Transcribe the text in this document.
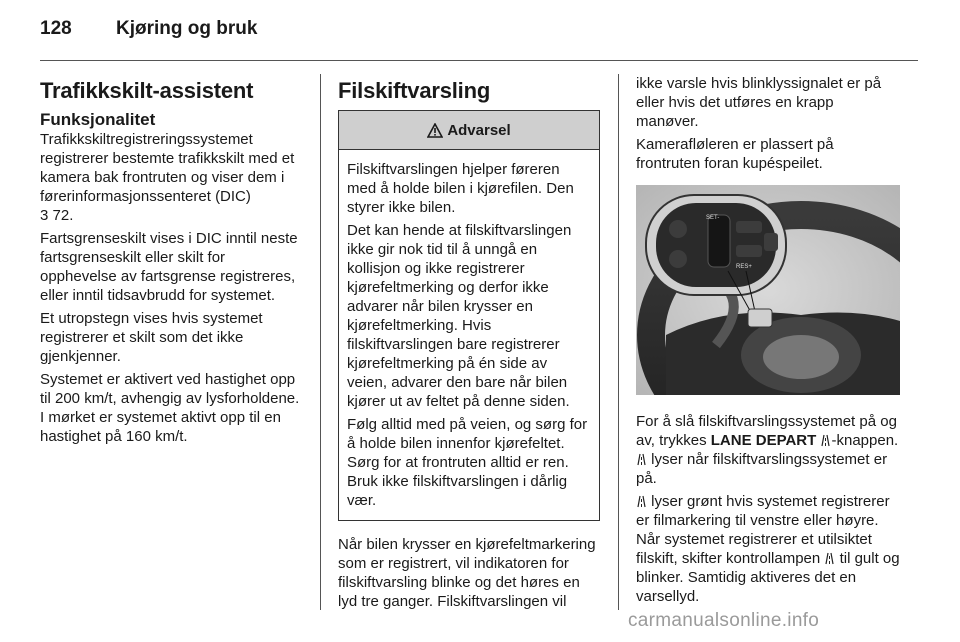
128 Kjøring og bruk
Trafikkskilt-assistent
Funksjonalitet

Trafikkskiltregistreringssystemet registrerer bestemte trafikkskilt med et kamera bak frontruten og viser dem i førerinformasjonssenteret (DIC)
3 72.

Fartsgrenseskilt vises i DIC inntil neste fartsgrenseskilt eller skilt for opphevelse av fartsgrense registreres, eller inntil tidsavbrudd for systemet.

Et utropstegn vises hvis systemet registrerer et skilt som det ikke gjenkjenner.

Systemet er aktivert ved hastighet opp til 200 km/t, avhengig av lysforholdene. I mørket er systemet aktivt opp til en hastighet på 160 km/t.

Filskiftvarsling
Advarsel

Filskiftvarslingen hjelper føreren med å holde bilen i kjørefilen. Den styrer ikke bilen.

Det kan hende at filskiftvarslingen ikke gir nok tid til å unngå en kollisjon og ikke registrerer kjørefeltmerking og derfor ikke advarer når bilen krysser en kjørefeltmerking. Hvis filskiftvarslingen bare registrerer kjørefeltmerking på én side av veien, advarer den bare når bilen kjører ut av feltet på denne siden.

Følg alltid med på veien, og sørg for å holde bilen innenfor kjørefeltet. Sørg for at frontruten alltid er ren. Bruk ikke filskiftvarslingen i dårlig vær.

Når bilen krysser en kjørefeltmarkering som er registrert, vil indikatoren for filskiftvarsling blinke og det høres en lyd tre ganger. Filskiftvarslingen vil

ikke varsle hvis blinklyssignalet er på eller hvis det utføres en krapp manøver.

Kamerafløleren er plassert på frontruten foran kupéspeilet.

SET-
RES+

For å slå filskiftvarslingssystemet på og av, trykkes LANE DEPART -knappen.  lyser når filskiftvarslingssystemet er på.

lyser grønt hvis systemet registrerer er filmarkering til venstre eller høyre. Når systemet registrerer et utilsiktet filskift, skifter kontrollampen til gult og blinker. Samtidig aktiveres det en varsellyd.

carmanualsonline.info
